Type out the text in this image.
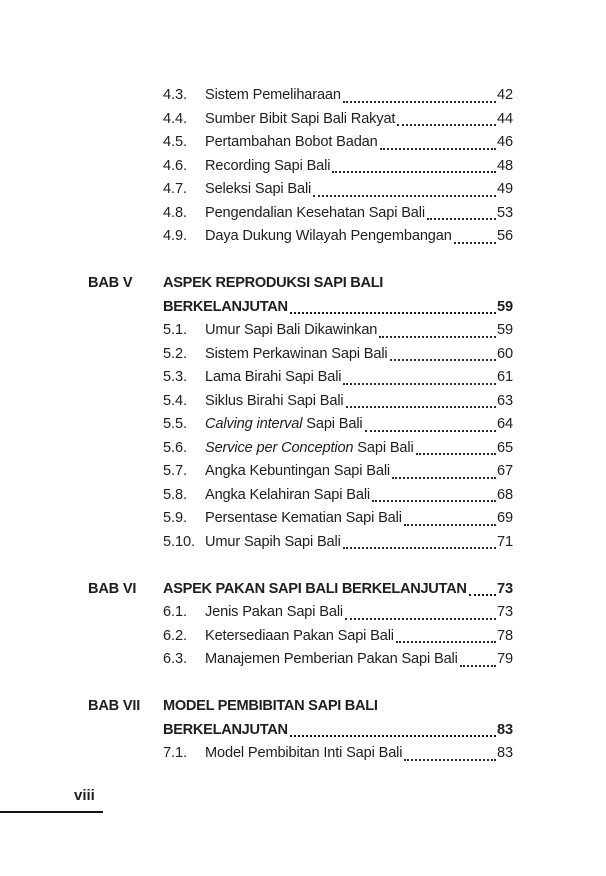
4.3.	Sistem Pemeliharaan	42
4.4.	Sumber Bibit Sapi Bali Rakyat	44
4.5.	Pertambahan Bobot Badan	46
4.6.	Recording Sapi Bali	48
4.7.	Seleksi Sapi Bali	49
4.8.	Pengendalian Kesehatan Sapi Bali	53
4.9.	Daya Dukung Wilayah Pengembangan	56
BAB V	ASPEK REPRODUKSI SAPI BALI
BERKELANJUTAN	59
5.1.	Umur Sapi Bali Dikawinkan	59
5.2.	Sistem Perkawinan Sapi Bali	60
5.3.	Lama Birahi Sapi Bali	61
5.4.	Siklus Birahi Sapi Bali	63
5.5.	Calving interval Sapi Bali	64
5.6.	Service per Conception Sapi Bali	65
5.7.	Angka Kebuntingan Sapi Bali	67
5.8.	Angka Kelahiran Sapi Bali	68
5.9.	Persentase Kematian Sapi Bali	69
5.10. Umur Sapih Sapi Bali	71
BAB VI	ASPEK PAKAN SAPI BALI BERKELANJUTAN 73
6.1.	Jenis Pakan Sapi Bali	73
6.2.	Ketersediaan Pakan Sapi Bali	78
6.3.	Manajemen Pemberian Pakan Sapi Bali	79
BAB VII	MODEL PEMBIBITAN SAPI BALI
BERKELANJUTAN	83
7.1.	Model Pembibitan Inti Sapi Bali	83
viii
